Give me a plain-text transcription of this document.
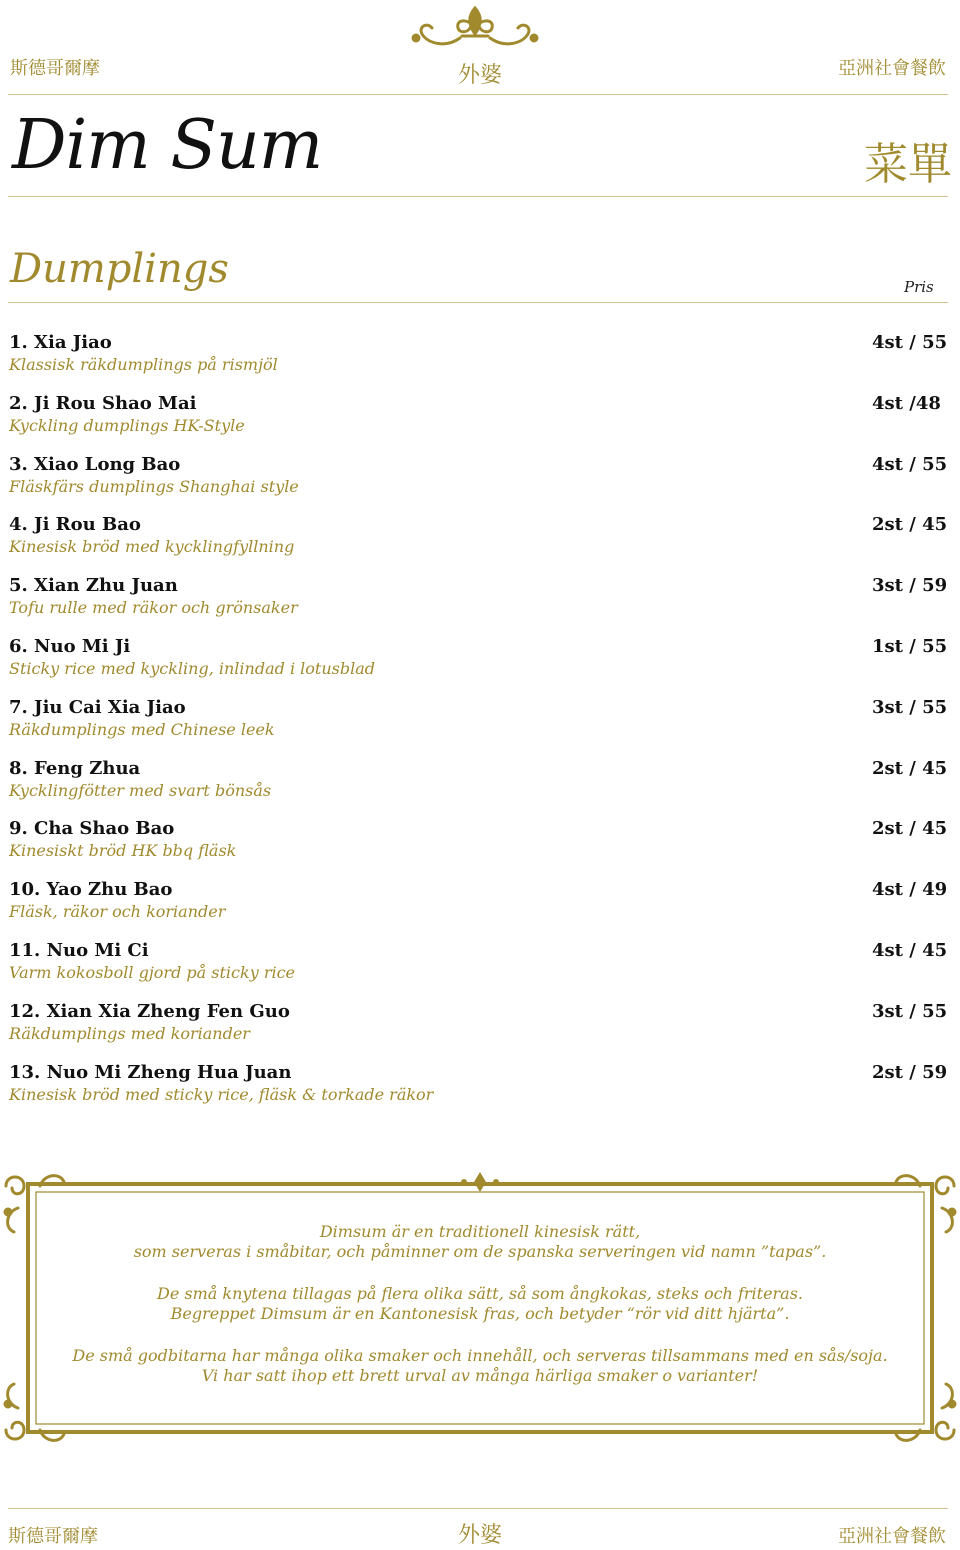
斯德哥爾摩	外婆	亞洲社會餐飲
Dim Sum	菜單
Dumplings	Pris
1. Xia Jiao
Klassisk räkdumplings på rismjöl
4st / 55
2. Ji Rou Shao Mai
Kyckling dumplings HK-Style
4st /48
3. Xiao Long Bao
Fläskfärs dumplings Shanghai style
4st / 55
4. Ji Rou Bao
Kinesisk bröd med kycklingfyllning
2st / 45
5. Xian Zhu Juan
Tofu rulle med räkor och grönsaker
3st / 59
6. Nuo Mi Ji
Sticky rice med kyckling, inlindad i lotusblad
1st / 55
7. Jiu Cai Xia Jiao
Räkdumplings med Chinese leek
3st / 55
8. Feng Zhua
Kycklingfötter med svart bönsås
2st / 45
9. Cha Shao Bao
Kinesiskt bröd HK bbq fläsk
2st / 45
10. Yao Zhu Bao
Fläsk, räkor och koriander
4st / 49
11. Nuo Mi Ci
Varm kokosboll gjord på sticky rice
4st / 45
12. Xian Xia Zheng Fen Guo
Räkdumplings med koriander
3st / 55
13. Nuo Mi Zheng Hua Juan
Kinesisk bröd med sticky rice, fläsk & torkade räkor
2st / 59
Dimsum är en traditionell kinesisk rätt,
som serveras i småbitar, och påminner om de spanska serveringen vid namn ”tapas”.
De små knytena tillagas på flera olika sätt, så som ångkokas, steks och friteras.
Begreppet Dimsum är en Kantonesisk fras, och betyder “rör vid ditt hjärta”.
De små godbitarna har många olika smaker och innehåll, och serveras tillsammans med en sås/soja.
Vi har satt ihop ett brett urval av många härliga smaker o varianter!
斯德哥爾摩	外婆	亞洲社會餐飲
